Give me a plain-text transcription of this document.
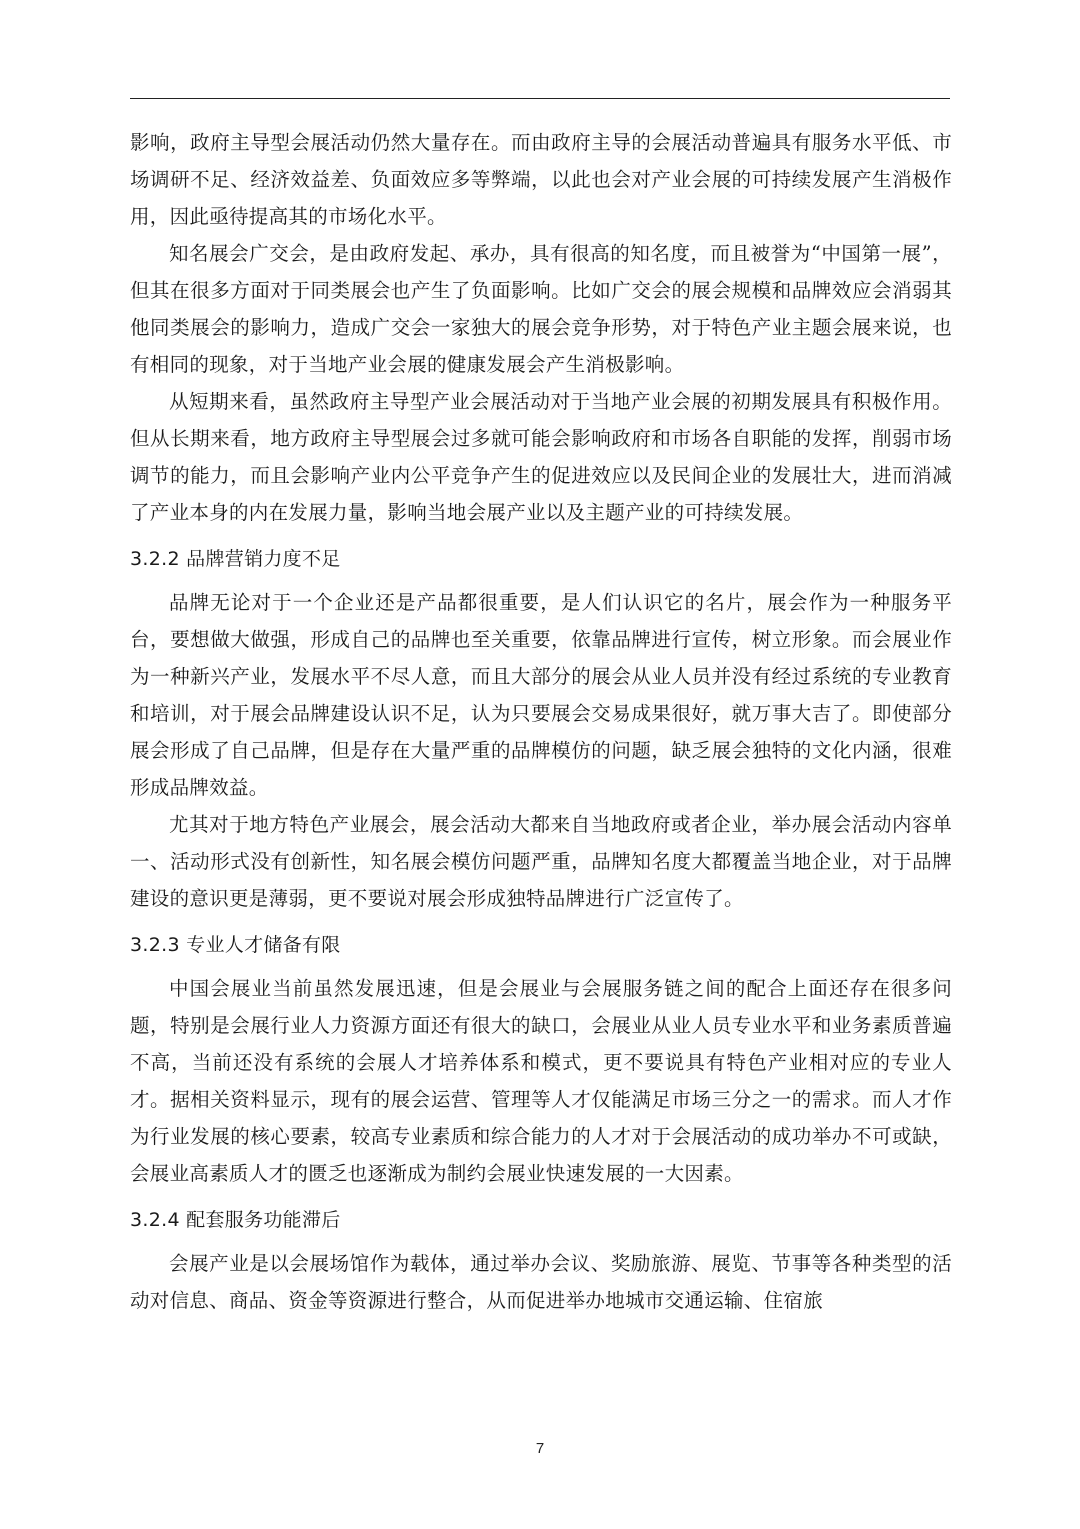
影响，政府主导型会展活动仍然大量存在。而由政府主导的会展活动普遍具有服务水平低、市场调研不足、经济效益差、负面效应多等弊端，以此也会对产业会展的可持续发展产生消极作用，因此亟待提高其的市场化水平。

知名展会广交会，是由政府发起、承办，具有很高的知名度，而且被誉为“中国第一展”，但其在很多方面对于同类展会也产生了负面影响。比如广交会的展会规模和品牌效应会消弱其他同类展会的影响力，造成广交会一家独大的展会竞争形势，对于特色产业主题会展来说，也有相同的现象，对于当地产业会展的健康发展会产生消极影响。

从短期来看，虽然政府主导型产业会展活动对于当地产业会展的初期发展具有积极作用。但从长期来看，地方政府主导型展会过多就可能会影响政府和市场各自职能的发挥，削弱市场调节的能力，而且会影响产业内公平竞争产生的促进效应以及民间企业的发展壮大，进而消减了产业本身的内在发展力量，影响当地会展产业以及主题产业的可持续发展。

3.2.2 品牌营销力度不足

品牌无论对于一个企业还是产品都很重要，是人们认识它的名片，展会作为一种服务平台，要想做大做强，形成自己的品牌也至关重要，依靠品牌进行宣传，树立形象。而会展业作为一种新兴产业，发展水平不尽人意，而且大部分的展会从业人员并没有经过系统的专业教育和培训，对于展会品牌建设认识不足，认为只要展会交易成果很好，就万事大吉了。即使部分展会形成了自己品牌，但是存在大量严重的品牌模仿的问题，缺乏展会独特的文化内涵，很难形成品牌效益。

尤其对于地方特色产业展会，展会活动大都来自当地政府或者企业，举办展会活动内容单一、活动形式没有创新性，知名展会模仿问题严重，品牌知名度大都覆盖当地企业，对于品牌建设的意识更是薄弱，更不要说对展会形成独特品牌进行广泛宣传了。

3.2.3 专业人才储备有限

中国会展业当前虽然发展迅速，但是会展业与会展服务链之间的配合上面还存在很多问题，特别是会展行业人力资源方面还有很大的缺口，会展业从业人员专业水平和业务素质普遍不高，当前还没有系统的会展人才培养体系和模式，更不要说具有特色产业相对应的专业人才。据相关资料显示，现有的展会运营、管理等人才仅能满足市场三分之一的需求。而人才作为行业发展的核心要素，较高专业素质和综合能力的人才对于会展活动的成功举办不可或缺，会展业高素质人才的匮乏也逐渐成为制约会展业快速发展的一大因素。

3.2.4 配套服务功能滞后

会展产业是以会展场馆作为载体，通过举办会议、奖励旅游、展览、节事等各种类型的活动对信息、商品、资金等资源进行整合，从而促进举办地城市交通运输、住宿旅

7
